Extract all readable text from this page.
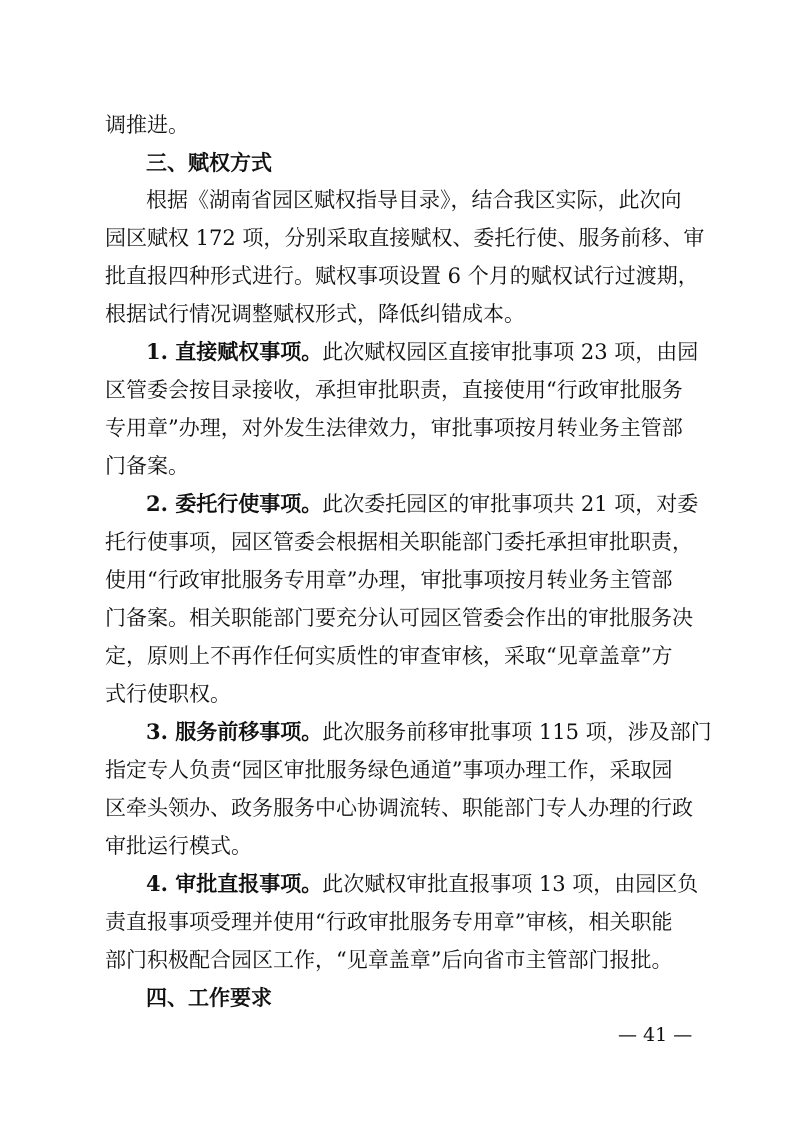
调推进。
三、赋权方式
根据《湖南省园区赋权指导目录》，结合我区实际，此次向
园区赋权 172 项，分别采取直接赋权、委托行使、服务前移、审
批直报四种形式进行。赋权事项设置 6 个月的赋权试行过渡期，
根据试行情况调整赋权形式，降低纠错成本。
1. 直接赋权事项。此次赋权园区直接审批事项 23 项，由园
区管委会按目录接收，承担审批职责，直接使用“行政审批服务
专用章”办理，对外发生法律效力，审批事项按月转业务主管部
门备案。
2. 委托行使事项。此次委托园区的审批事项共 21 项，对委
托行使事项，园区管委会根据相关职能部门委托承担审批职责，
使用“行政审批服务专用章”办理，审批事项按月转业务主管部
门备案。相关职能部门要充分认可园区管委会作出的审批服务决
定，原则上不再作任何实质性的审查审核，采取“见章盖章”方
式行使职权。
3. 服务前移事项。此次服务前移审批事项 115 项，涉及部门
指定专人负责“园区审批服务绿色通道”事项办理工作，采取园
区牵头领办、政务服务中心协调流转、职能部门专人办理的行政
审批运行模式。
4. 审批直报事项。此次赋权审批直报事项 13 项，由园区负
责直报事项受理并使用“行政审批服务专用章”审核，相关职能
部门积极配合园区工作，“见章盖章”后向省市主管部门报批。
四、工作要求
— 41 —
